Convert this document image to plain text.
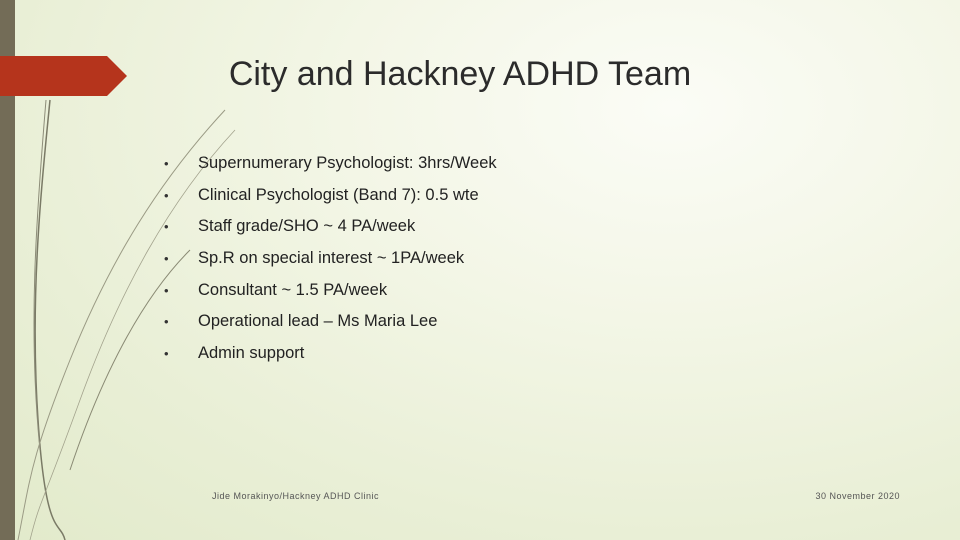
City and Hackney ADHD Team
•	Supernumerary Psychologist: 3hrs/Week
•	Clinical Psychologist (Band 7): 0.5 wte
•	Staff grade/SHO ~ 4 PA/week
•	Sp.R on special interest ~ 1PA/week
•	Consultant ~ 1.5 PA/week
•	Operational lead – Ms Maria Lee
•	Admin support
Jide Morakinyo/Hackney ADHD Clinic	30 November 2020
